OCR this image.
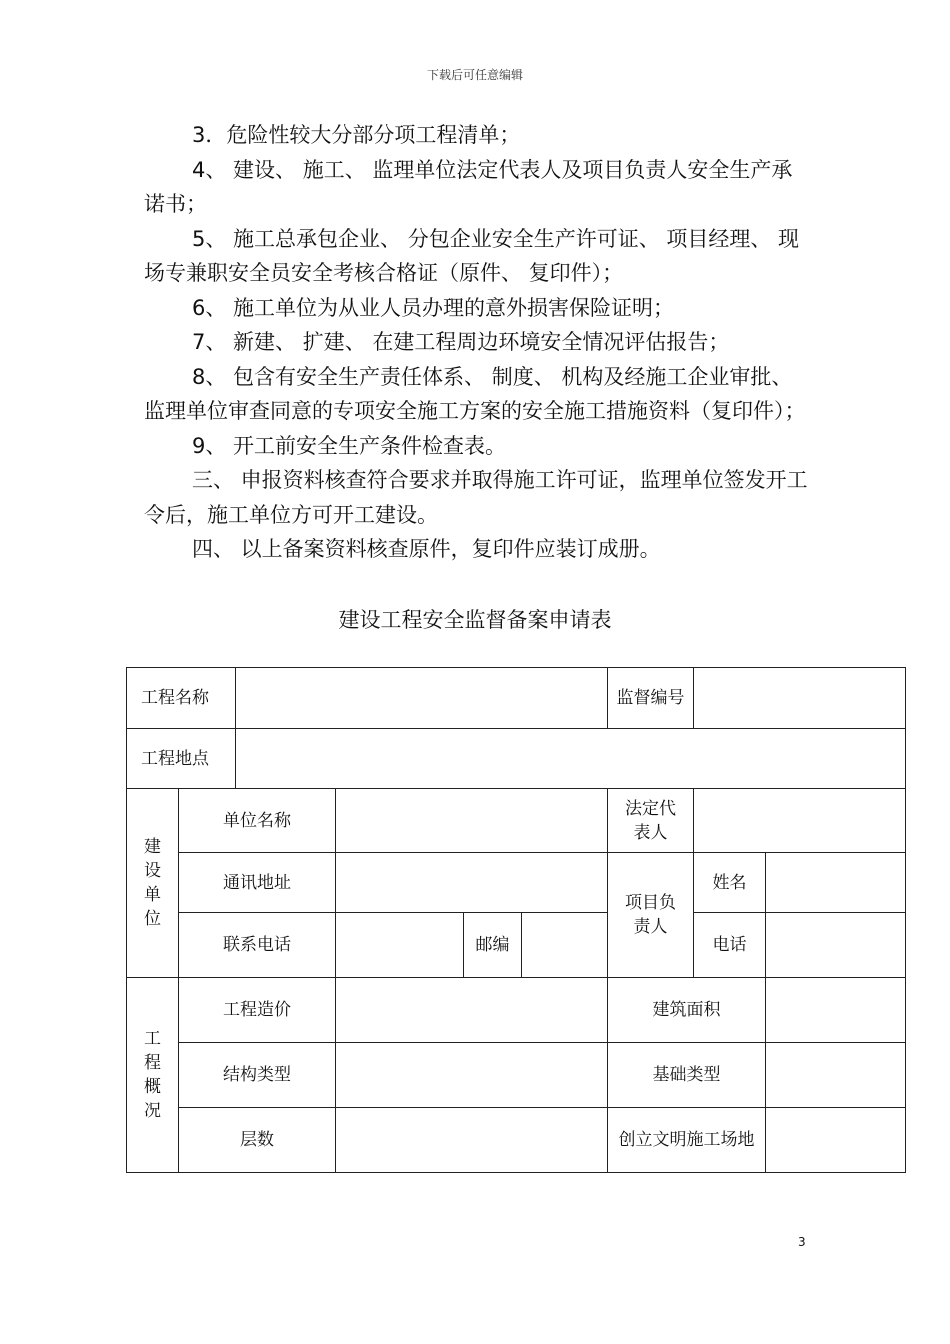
下载后可任意编辑

3．危险性较大分部分项工程清单；

4、 建设、 施工、 监理单位法定代表人及项目负责人安全生产承诺书；

5、 施工总承包企业、 分包企业安全生产许可证、 项目经理、 现场专兼职安全员安全考核合格证（原件、 复印件）；

6、 施工单位为从业人员办理的意外损害保险证明；

7、 新建、 扩建、 在建工程周边环境安全情况评估报告；

8、 包含有安全生产责任体系、 制度、 机构及经施工企业审批、 监理单位审查同意的专项安全施工方案的安全施工措施资料（复印件）；

9、 开工前安全生产条件检查表。

三、 申报资料核查符合要求并取得施工许可证，监理单位签发开工令后，施工单位方可开工建设。

四、 以上备案资料核查原件，复印件应装订成册。

建设工程安全监督备案申请表
工程名称						监督编号		
工程地点								

建设单位	单位名称					法定代表人		

	通讯地址					项目负责人	姓名	
	联系电话			邮编			电话	

工程概况	工程造价					建筑面积		
	结构类型					基础类型		
	层数					创立文明施工场地		

3
